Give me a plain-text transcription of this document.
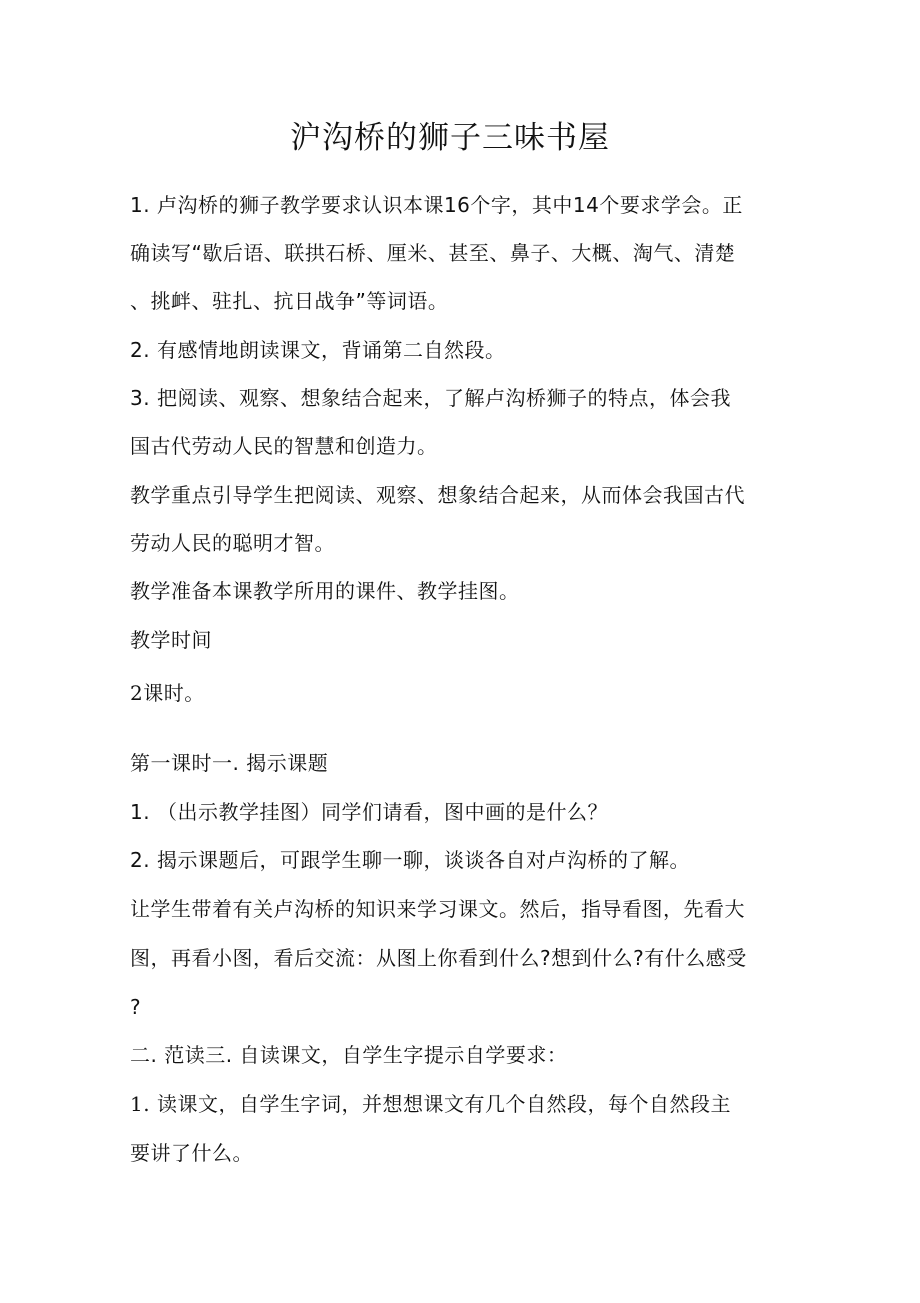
沪沟桥的狮子三味书屋

1. 卢沟桥的狮子教学要求认识本课16个字，其中14个要求学会。正

确读写“歇后语、联拱石桥、厘米、甚至、鼻子、大概、淘气、清楚

、挑衅、驻扎、抗日战争”等词语。

2. 有感情地朗读课文，背诵第二自然段。

3. 把阅读、观察、想象结合起来，了解卢沟桥狮子的特点，体会我

国古代劳动人民的智慧和创造力。

教学重点引导学生把阅读、观察、想象结合起来，从而体会我国古代

劳动人民的聪明才智。

教学准备本课教学所用的课件、教学挂图。

教学时间

2课时。

第一课时一. 揭示课题

1. （出示教学挂图）同学们请看，图中画的是什么？

2. 揭示课题后，可跟学生聊一聊，谈谈各自对卢沟桥的了解。

让学生带着有关卢沟桥的知识来学习课文。然后，指导看图，先看大

图，再看小图，看后交流：从图上你看到什么?想到什么?有什么感受

?

二. 范读三. 自读课文，自学生字提示自学要求：

1. 读课文，自学生字词，并想想课文有几个自然段，每个自然段主

要讲了什么。
